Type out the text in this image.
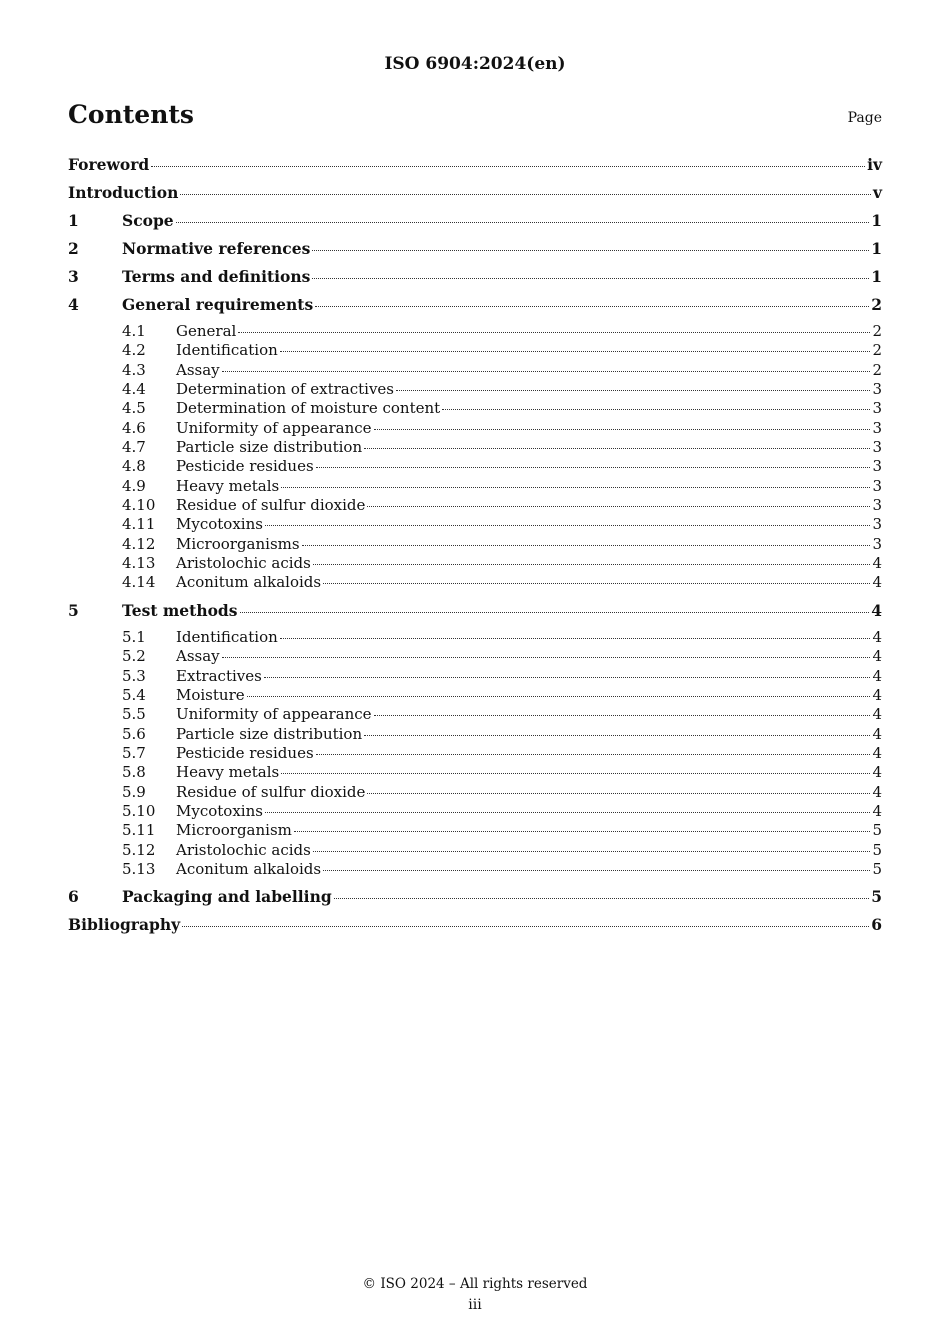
ISO 6904:2024(en)
Contents	Page
Foreword	iv
Introduction	v
1	Scope	1
2	Normative references	1
3	Terms and definitions	1
4	General requirements	2
4.1	General	2
4.2	Identification	2
4.3	Assay	2
4.4	Determination of extractives	3
4.5	Determination of moisture content	3
4.6	Uniformity of appearance	3
4.7	Particle size distribution	3
4.8	Pesticide residues	3
4.9	Heavy metals	3
4.10	Residue of sulfur dioxide	3
4.11	Mycotoxins	3
4.12	Microorganisms	3
4.13	Aristolochic acids	4
4.14	Aconitum alkaloids	4
5	Test methods	4
5.1	Identification	4
5.2	Assay	4
5.3	Extractives	4
5.4	Moisture	4
5.5	Uniformity of appearance	4
5.6	Particle size distribution	4
5.7	Pesticide residues	4
5.8	Heavy metals	4
5.9	Residue of sulfur dioxide	4
5.10	Mycotoxins	4
5.11	Microorganism	5
5.12	Aristolochic acids	5
5.13	Aconitum alkaloids	5
6	Packaging and labelling	5
Bibliography	6
© ISO 2024 – All rights reserved
iii
